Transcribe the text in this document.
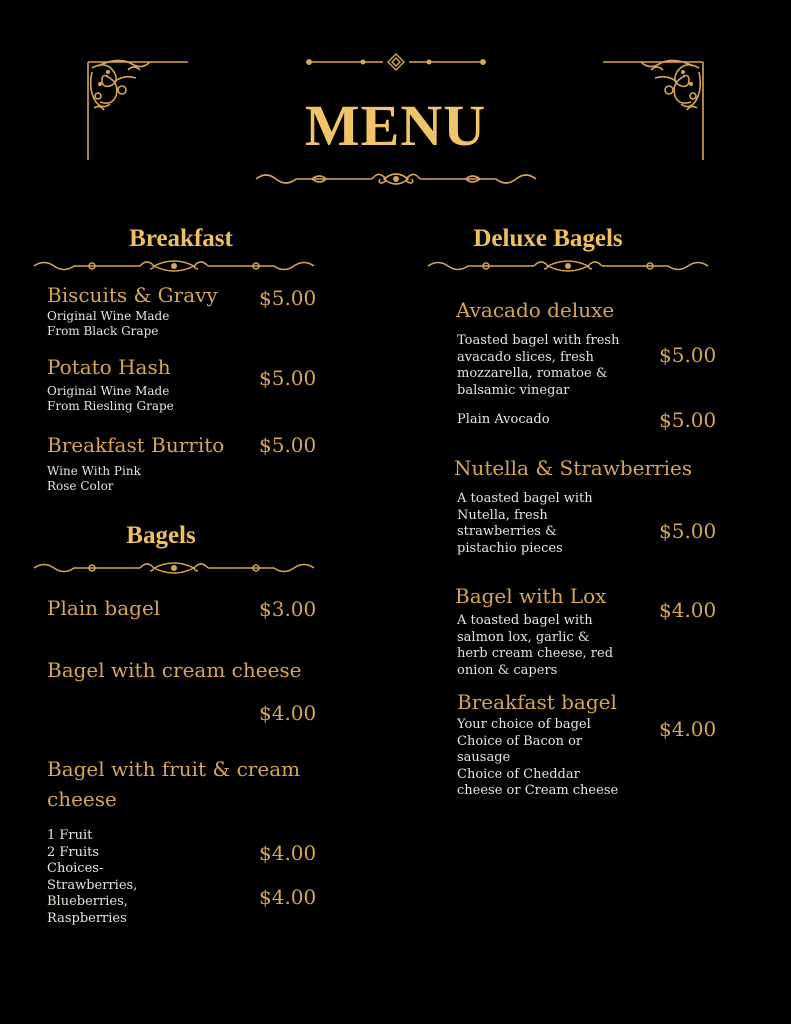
MENU
Breakfast
Biscuits & Gravy $5.00
Original Wine Made
From Black Grape
Potato Hash	$5.00
Original Wine Made
From Riesling Grape
Breakfast Burrito $5.00
Wine With Pink
Rose Color
Bagels
Plain bagel	$3.00
Bagel with cream cheese
$4.00
Bagel with fruit & cream
cheese
1 Fruit
2 Fruits
Choices-
Strawberries,
Blueberries,
Raspberries
$4.00
$4.00
Deluxe Bagels
Avacado deluxe
Toasted bagel with fresh
avacado slices, fresh
mozzarella, romatoe &
balsamic vinegar
$5.00
Plain Avocado	$5.00
Nutella & Strawberries
A toasted bagel with
Nutella, fresh
strawberries &
pistachio pieces
$5.00
Bagel with Lox
$4.00
A toasted bagel with
salmon lox, garlic &
herb cream cheese, red
onion & capers
Breakfast bagel
Your choice of bagel
Choice of Bacon or
sausage
Choice of Cheddar
cheese or Cream cheese
$4.00
